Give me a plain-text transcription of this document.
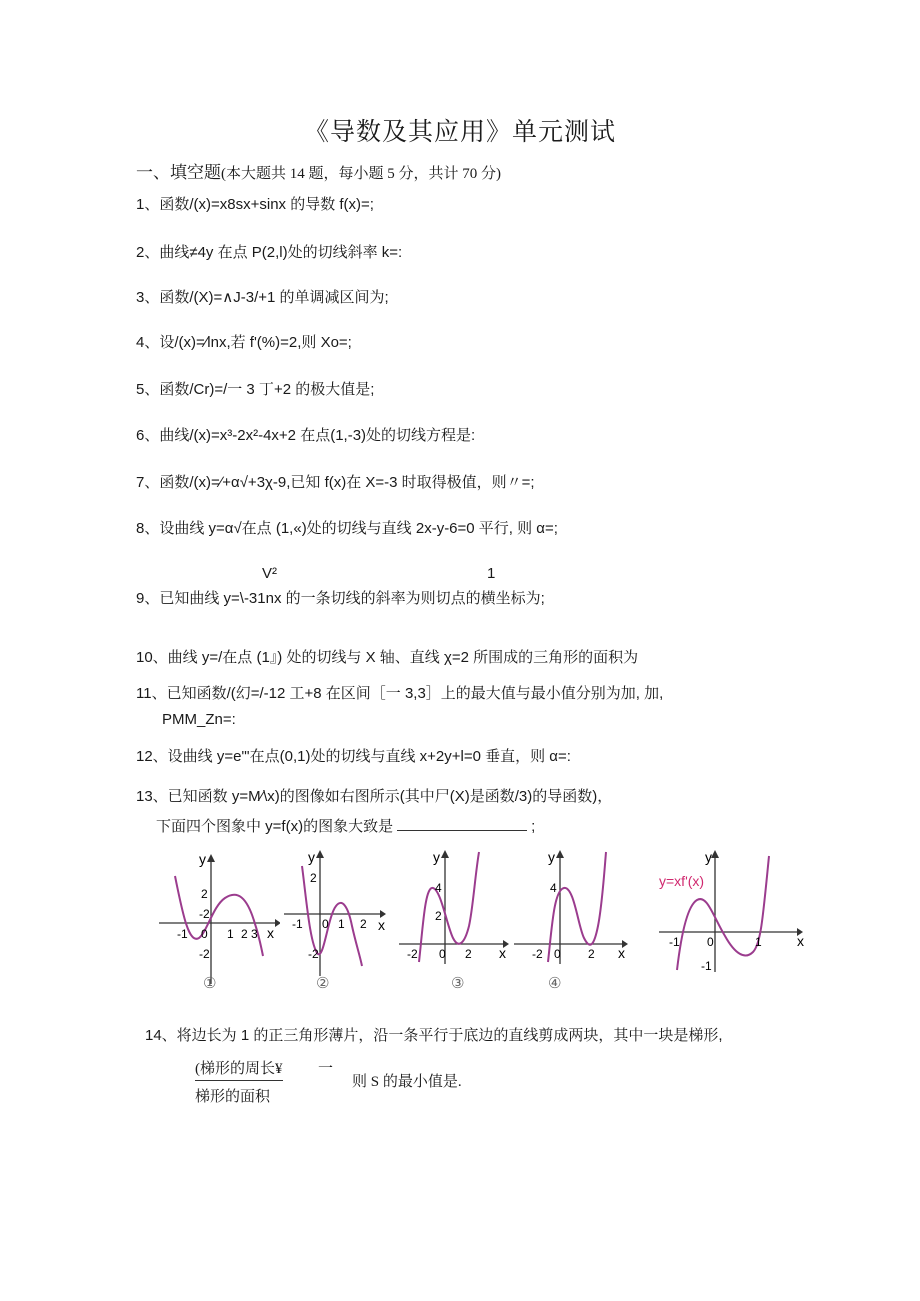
《导数及其应用》单元测试
一、填空题(本大题共 14 题，每小题 5 分，共计 70 分)
1、函数/(x)=x8sx+sinx 的导数 f(x)=;
2、曲线≠4y 在点 P(2,l)处的切线斜率 k=:
3、函数/(X)=∧J-3/+1 的单调减区间为;
4、设/(x)=∕lnx,若 f'(%)=2,则 Xo=;
5、函数/Cr)=/一 3 丁+2 的极大值是;
6、曲线/(x)=x³-2x²-4x+2 在点(1,-3)处的切线方程是:
7、函数/(x)=∕+α√+3χ-9,已知 f(x)在 X=-3 时取得极值，则〃=;
8、设曲线 y=α√在点 (1,«)处的切线与直线 2x-y-6=0 平行, 则 α=;
V²	1
9、已知曲线 y=\-31nx 的一条切线的斜率为则切点的横坐标为;
10、曲线 y=/在点 (1』) 处的切线与 X 轴、直线 χ=2 所围成的三角形的面积为
11、已知函数/(幻=/-12 工+8 在区间［一 3,3］上的最大值与最小值分别为加, 加,
PMM_Zn=:
12、设曲线 y=e"'在点(0,1)处的切线与直线 x+2y+l=0 垂直，则 α=:
13、已知函数 y=M∕\x)的图像如右图所示(其中尸(X)是函数/3)的导函数)，
下面四个图象中 y=f(x)的图象大致是	;
y
x
2
-2
-1 0 1 2 3
-2
①
y
x
2
-1 0 1 2
-2
②
4
2
-2 0 2 x
③
y
4
-2 0 2 x
④
y	y
y=xf'(x)
-1 0	1
-1
x
14、将边长为 1 的正三角形薄片，沿一条平行于底边的直线剪成两块，其中一块是梯形,
(梯形的周长¥
梯形的面积
一
则 S 的最小值是.
